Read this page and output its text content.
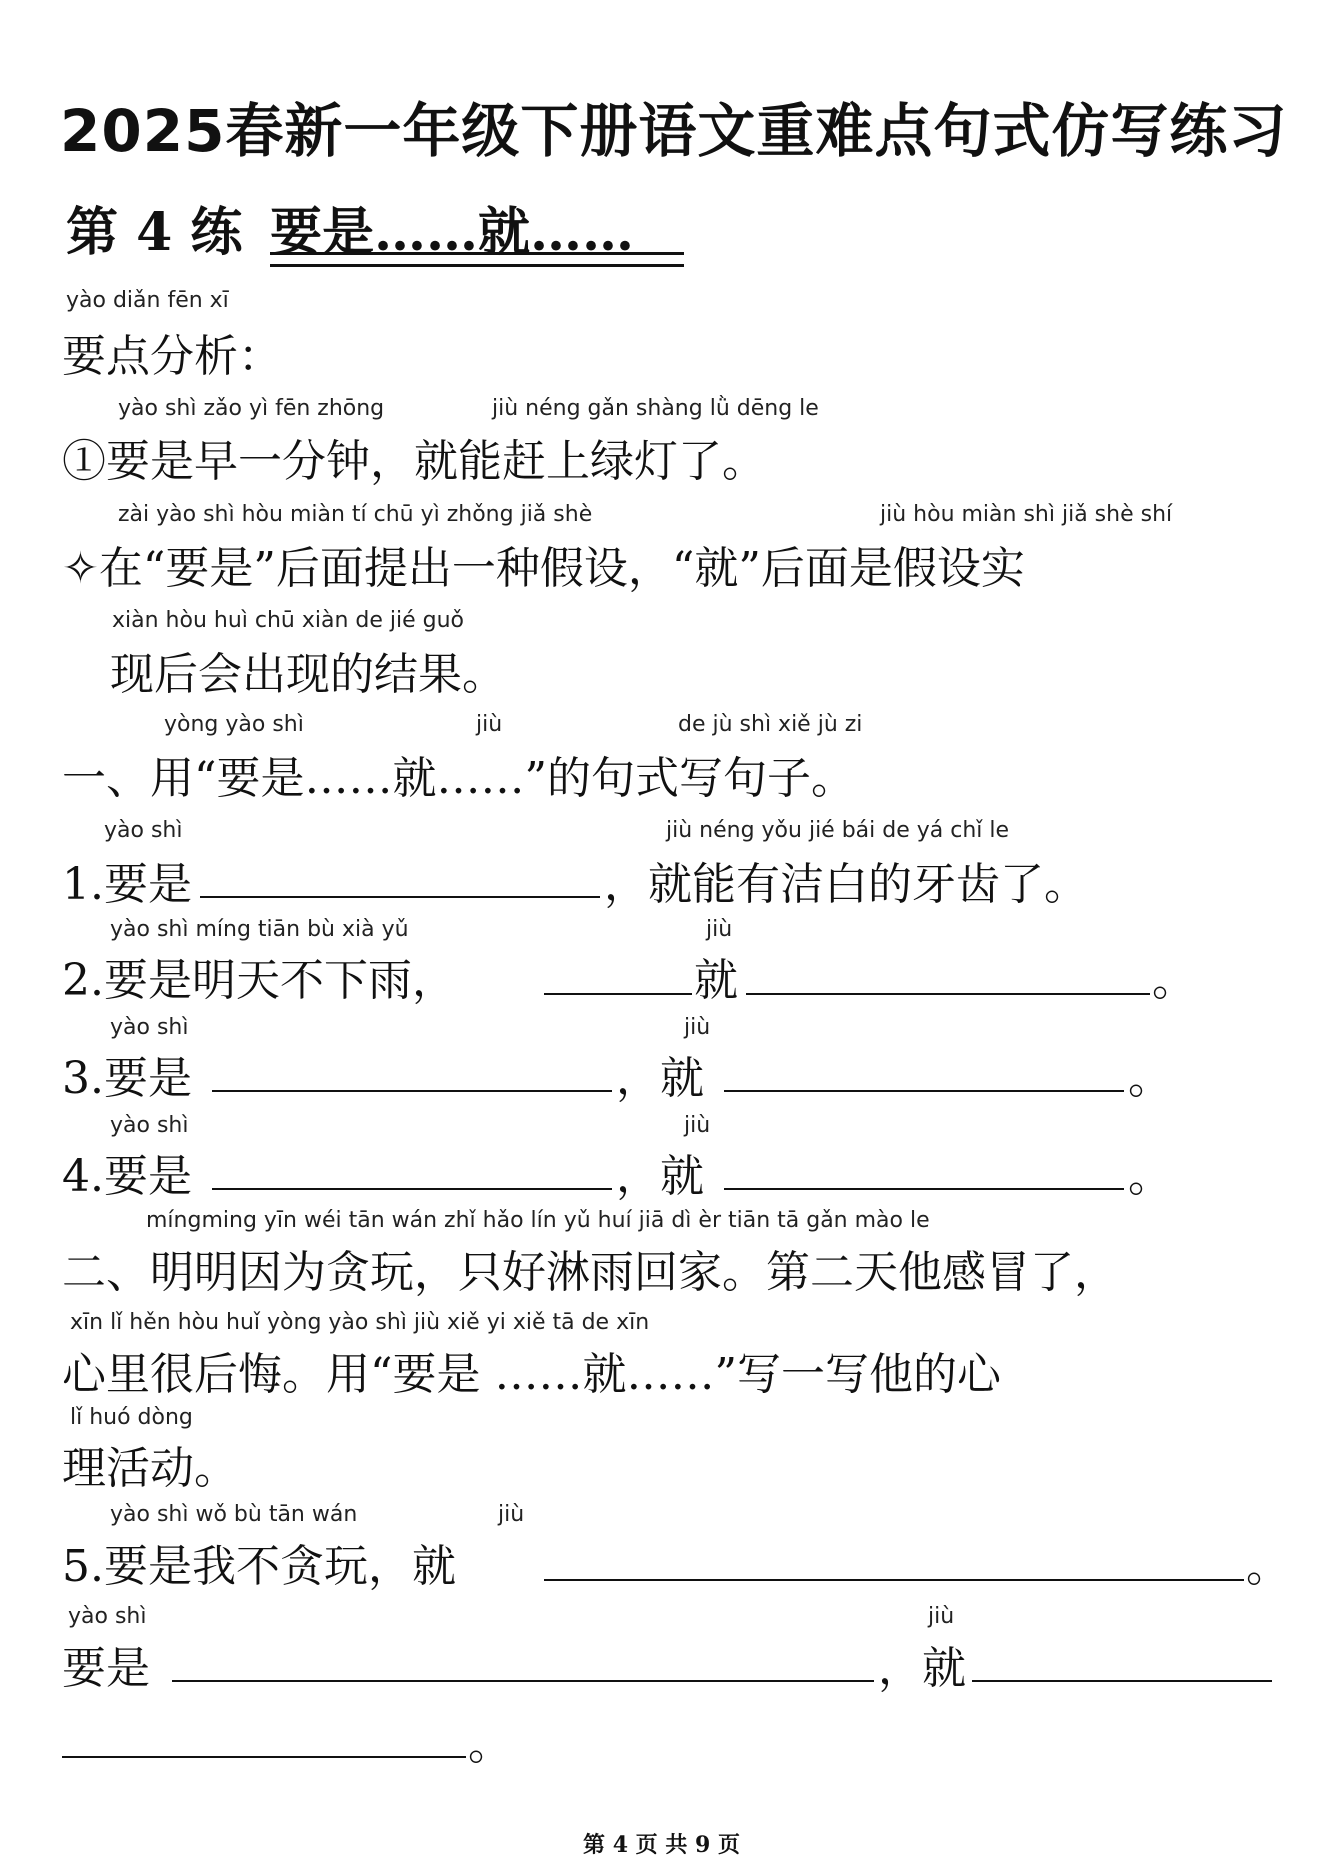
2025春新一年级下册语文重难点句式仿写练习
第 4 练 要是……就……
yào diǎn fēn xī
要点分析：
yào shì zǎo yì fēn zhōng	jiù néng gǎn shàng lǜ dēng le
①要是早一分钟，就能赶上绿灯了。
zài yào shì hòu miàn tí chū yì zhǒng jiǎ shè	jiù hòu miàn shì jiǎ shè shí
✧在“要是”后面提出一种假设，“就”后面是假设实
xiàn hòu huì chū xiàn de jié guǒ
现后会出现的结果。
yòng yào shì	jiù	de jù shì xiě jù zi
一、用“要是……就……”的句式写句子。
yào shì	jiù néng yǒu jié bái de yá chǐ le
1.要是	，就能有洁白的牙齿了。
yào shì míng tiān bù xià yǔ	jiù
2.要是明天不下雨，	就	。
yào shì	jiù
3.要是	，就	。
yào shì	jiù
4.要是	，就	。
míngming yīn wéi tān wán zhǐ hǎo lín yǔ huí jiā dì èr tiān tā gǎn mào le
二、明明因为贪玩，只好淋雨回家。第二天他感冒了，
xīn lǐ hěn hòu huǐ yòng yào shì jiù xiě yi xiě tā de xīn
心里很后悔。用“要是 ……就……”写一写他的心
lǐ huó dòng
理活动。
yào shì wǒ bù tān wán	jiù
5.要是我不贪玩，就	。
yào shì	jiù
要是	，就
。
第 4 页 共 9 页
